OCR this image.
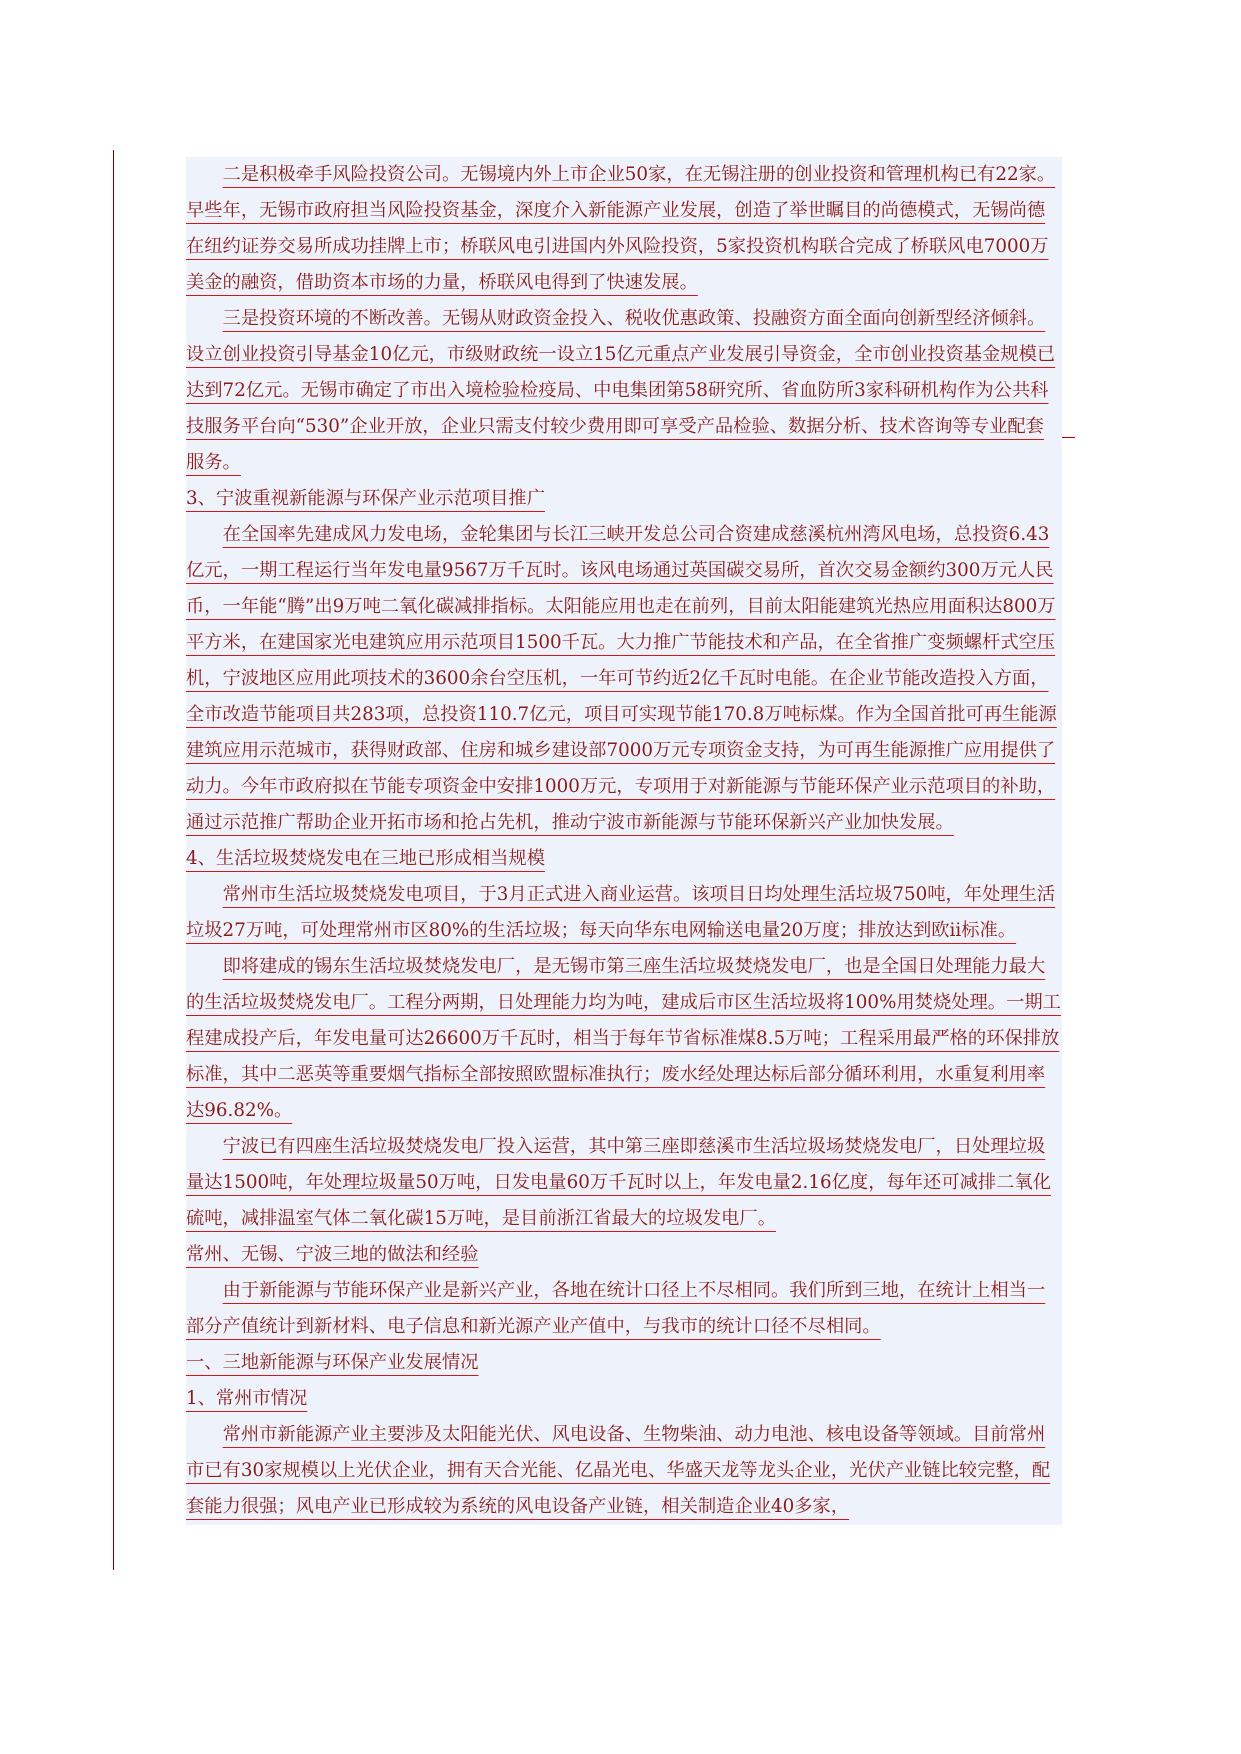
二是积极牵手风险投资公司。无锡境内外上市企业50家，在无锡注册的创业投资和管理机构已有22家。早些年，无锡市政府担当风险投资基金，深度介入新能源产业发展，创造了举世瞩目的尚德模式，无锡尚德在纽约证券交易所成功挂牌上市；桥联风电引进国内外风险投资，5家投资机构联合完成了桥联风电7000万美金的融资，借助资本市场的力量，桥联风电得到了快速发展。

三是投资环境的不断改善。无锡从财政资金投入、税收优惠政策、投融资方面全面向创新型经济倾斜。设立创业投资引导基金10亿元，市级财政统一设立15亿元重点产业发展引导资金，全市创业投资基金规模已达到72亿元。无锡市确定了市出入境检验检疫局、中电集团第58研究所、省血防所3家科研机构作为公共科技服务平台向“530”企业开放，企业只需支付较少费用即可享受产品检验、数据分析、技术咨询等专业配套服务。

3、宁波重视新能源与环保产业示范项目推广

在全国率先建成风力发电场，金轮集团与长江三峡开发总公司合资建成慈溪杭州湾风电场，总投资6.43亿元，一期工程运行当年发电量9567万千瓦时。该风电场通过英国碳交易所，首次交易金额约300万元人民币，一年能“腾”出9万吨二氧化碳减排指标。太阳能应用也走在前列，目前太阳能建筑光热应用面积达800万平方米，在建国家光电建筑应用示范项目1500千瓦。大力推广节能技术和产品，在全省推广变频螺杆式空压机，宁波地区应用此项技术的3600余台空压机，一年可节约近2亿千瓦时电能。在企业节能改造投入方面，全市改造节能项目共283项，总投资110.7亿元，项目可实现节能170.8万吨标煤。作为全国首批可再生能源建筑应用示范城市，获得财政部、住房和城乡建设部7000万元专项资金支持，为可再生能源推广应用提供了动力。今年市政府拟在节能专项资金中安排1000万元，专项用于对新能源与节能环保产业示范项目的补助，通过示范推广帮助企业开拓市场和抢占先机，推动宁波市新能源与节能环保新兴产业加快发展。

4、生活垃圾焚烧发电在三地已形成相当规模

常州市生活垃圾焚烧发电项目，于3月正式进入商业运营。该项目日均处理生活垃圾750吨，年处理生活垃圾27万吨，可处理常州市区80%的生活垃圾；每天向华东电网输送电量20万度；排放达到欧ii标准。

即将建成的锡东生活垃圾焚烧发电厂，是无锡市第三座生活垃圾焚烧发电厂，也是全国日处理能力最大的生活垃圾焚烧发电厂。工程分两期，日处理能力均为吨，建成后市区生活垃圾将100%用焚烧处理。一期工程建成投产后，年发电量可达26600万千瓦时，相当于每年节省标准煤8.5万吨；工程采用最严格的环保排放标准，其中二恶英等重要烟气指标全部按照欧盟标准执行；废水经处理达标后部分循环利用，水重复利用率达96.82%。

宁波已有四座生活垃圾焚烧发电厂投入运营，其中第三座即慈溪市生活垃圾场焚烧发电厂，日处理垃圾量达1500吨，年处理垃圾量50万吨，日发电量60万千瓦时以上，年发电量2.16亿度，每年还可减排二氧化硫吨，减排温室气体二氧化碳15万吨，是目前浙江省最大的垃圾发电厂。

常州、无锡、宁波三地的做法和经验

由于新能源与节能环保产业是新兴产业，各地在统计口径上不尽相同。我们所到三地，在统计上相当一部分产值统计到新材料、电子信息和新光源产业产值中，与我市的统计口径不尽相同。

一、三地新能源与环保产业发展情况

1、常州市情况

常州市新能源产业主要涉及太阳能光伏、风电设备、生物柴油、动力电池、核电设备等领域。目前常州市已有30家规模以上光伏企业，拥有天合光能、亿晶光电、华盛天龙等龙头企业，光伏产业链比较完整，配套能力很强；风电产业已形成较为系统的风电设备产业链，相关制造企业40多家，
